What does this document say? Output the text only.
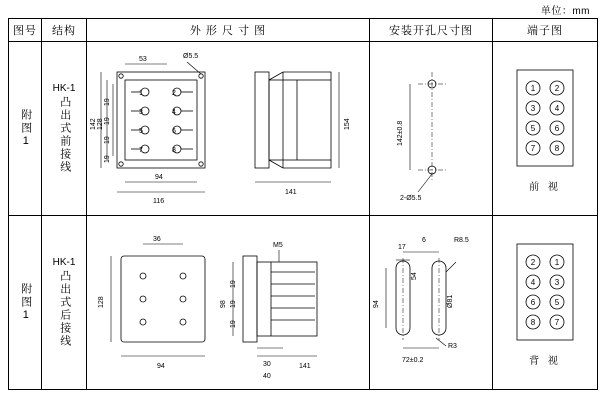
单位：mm
图号	结构	外 形 尺 寸 图	安装开孔尺寸图	端子图

附图1

HK-1
凸出式前接线

53	Ø5.5
142 128
19
19
19
19
94
116
154
141
1	2
3	4
5	6
7	8

142±0.8
2-Ø5.5

1 2
3 4
5 6
7 8
前 视

附图1

HK-1
凸出式后接线

36
128
94
M5
98
19
19
19
30
40
141

17
6	R8.5
54
94	Ø81
R3
72±0.2

2 1
4 3
6 5
8 7
背 视
